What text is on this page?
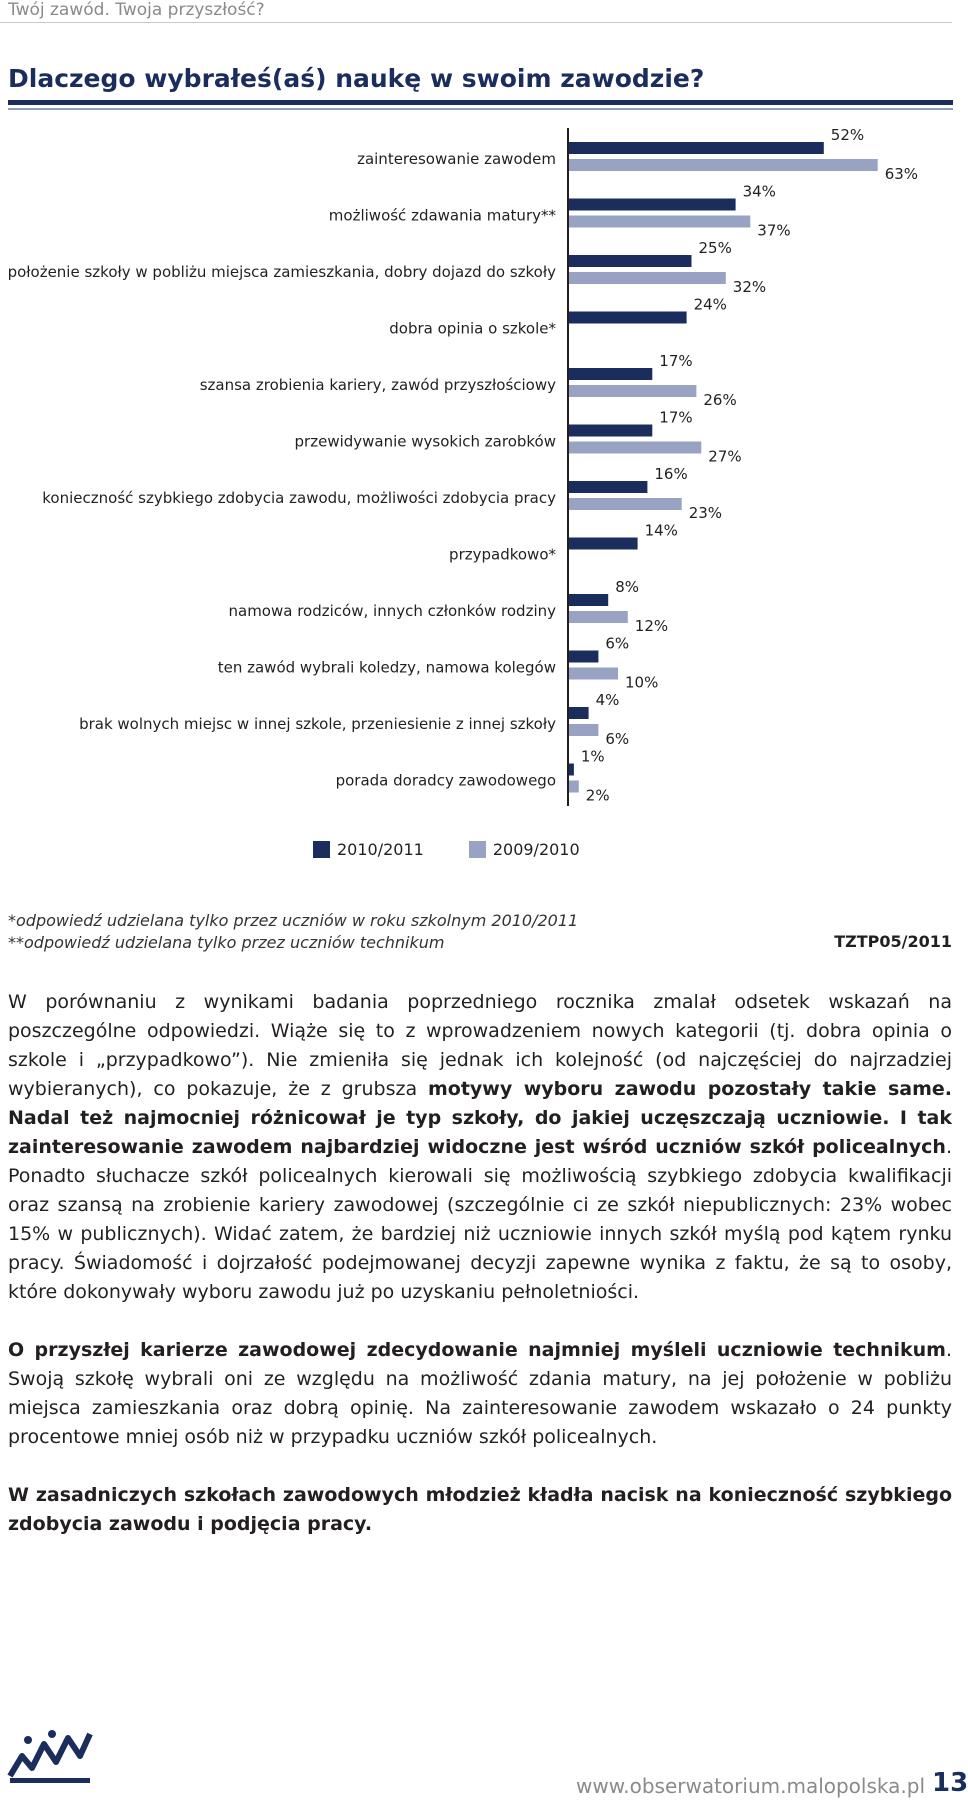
Twój zawód. Twoja przyszłość?
Dlaczego wybrałeś(aś) naukę w swoim zawodzie?
zainteresowanie zawodem
52%
63%
możliwość zdawania matury**
34%
37%
położenie szkoły w pobliżu miejsca zamieszkania, dobry dojazd do szkoły
25%
32%
dobra opinia o szkole*
24%
szansa zrobienia kariery, zawód przyszłościowy
17%
26%
przewidywanie wysokich zarobków
17%
27%
konieczność szybkiego zdobycia zawodu, możliwości zdobycia pracy
16%
23%
przypadkowo*
14%
namowa rodziców, innych członków rodziny
8%
12%
ten zawód wybrali koledzy, namowa kolegów
6%
10%
brak wolnych miejsc w innej szkole, przeniesienie z innej szkoły
4%
6%
porada doradcy zawodowego
1%
2%
2010/2011	2009/2010
*odpowiedź udzielana tylko przez uczniów w roku szkolnym 2010/2011
**odpowiedź udzielana tylko przez uczniów technikum	TZTP05/2011

W porównaniu z wynikami badania poprzedniego rocznika zmalał odsetek wskazań na poszczególne odpowiedzi. Wiąże się to z wprowadzeniem nowych kategorii (tj. dobra opinia o szkole i „przypadkowo”). Nie zmieniła się jednak ich kolejność (od najczęściej do najrzadziej wybieranych), co pokazuje, że z grubsza motywy wyboru zawodu pozostały takie same. Nadal też najmocniej różnicował je typ szkoły, do jakiej uczęszczają uczniowie. I tak zainteresowanie zawodem najbardziej widoczne jest wśród uczniów szkół policealnych. Ponadto słuchacze szkół policealnych kierowali się możliwością szybkiego zdobycia kwalifikacji oraz szansą na zrobienie kariery zawodowej (szczególnie ci ze szkół niepublicznych: 23% wobec 15% w publicznych). Widać zatem, że bardziej niż uczniowie innych szkół myślą pod kątem rynku pracy. Świadomość i dojrzałość podejmowanej decyzji zapewne wynika z faktu, że są to osoby, które dokonywały wyboru zawodu już po uzyskaniu pełnoletniości.

O przyszłej karierze zawodowej zdecydowanie najmniej myśleli uczniowie technikum. Swoją szkołę wybrali oni ze względu na możliwość zdania matury, na jej położenie w pobliżu miejsca zamieszkania oraz dobrą opinię. Na zainteresowanie zawodem wskazało o 24 punkty procentowe mniej osób niż w przypadku uczniów szkół policealnych.

W zasadniczych szkołach zawodowych młodzież kładła nacisk na konieczność szybkiego zdobycia zawodu i podjęcia pracy.

www.obserwatorium.malopolska.pl 13
